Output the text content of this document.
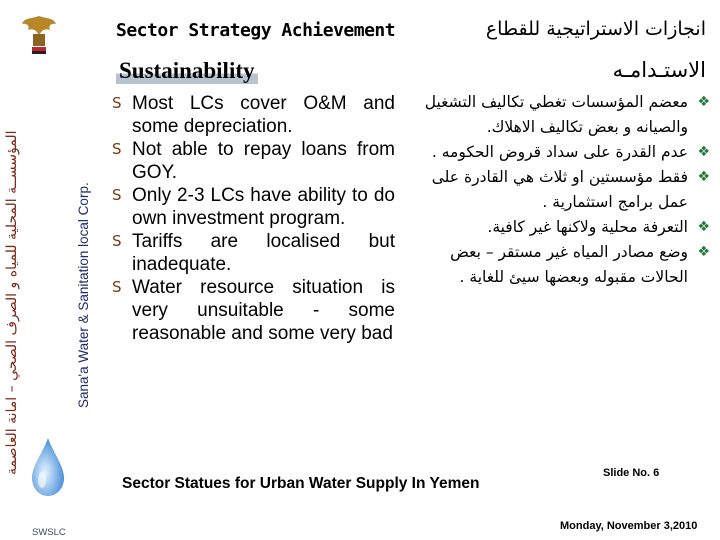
Sana'a Water & Sanitation local Corp.
المؤسســة المحلية للمياه و الصرف الصحي – امانة العاصمة
SWSLC
Sector Strategy Achievement	انجازات الاستراتيجية للقطاع
Sustainability	الاستـدامـه
Ѕ Most LCs cover O&M and some depreciation.
Ѕ Not able to repay loans from GOY.
Ѕ Only 2-3 LCs have ability to do own investment program.
Ѕ Tariffs are localised but inadequate.
Ѕ Water resource situation is very unsuitable - some reasonable and some very bad
❖
معضم المؤسسات تغطي تكاليف التشغيل والصيانه و بعض تكاليف الاهلاك.
❖
عدم القدرة على سداد قروض الحكومه .
❖
فقط مؤسستين او ثلاث هي القادرة على عمل برامج استثمارية .
❖
التعرفة محلية ولاكنها غير كافية.
❖
وضع مصادر المياه غير مستقر – بعض الحالات مقبوله وبعضها سيئ للغاية .
Sector Statues for Urban Water Supply In Yemen
Slide No. 6
Monday, November 3,2010
